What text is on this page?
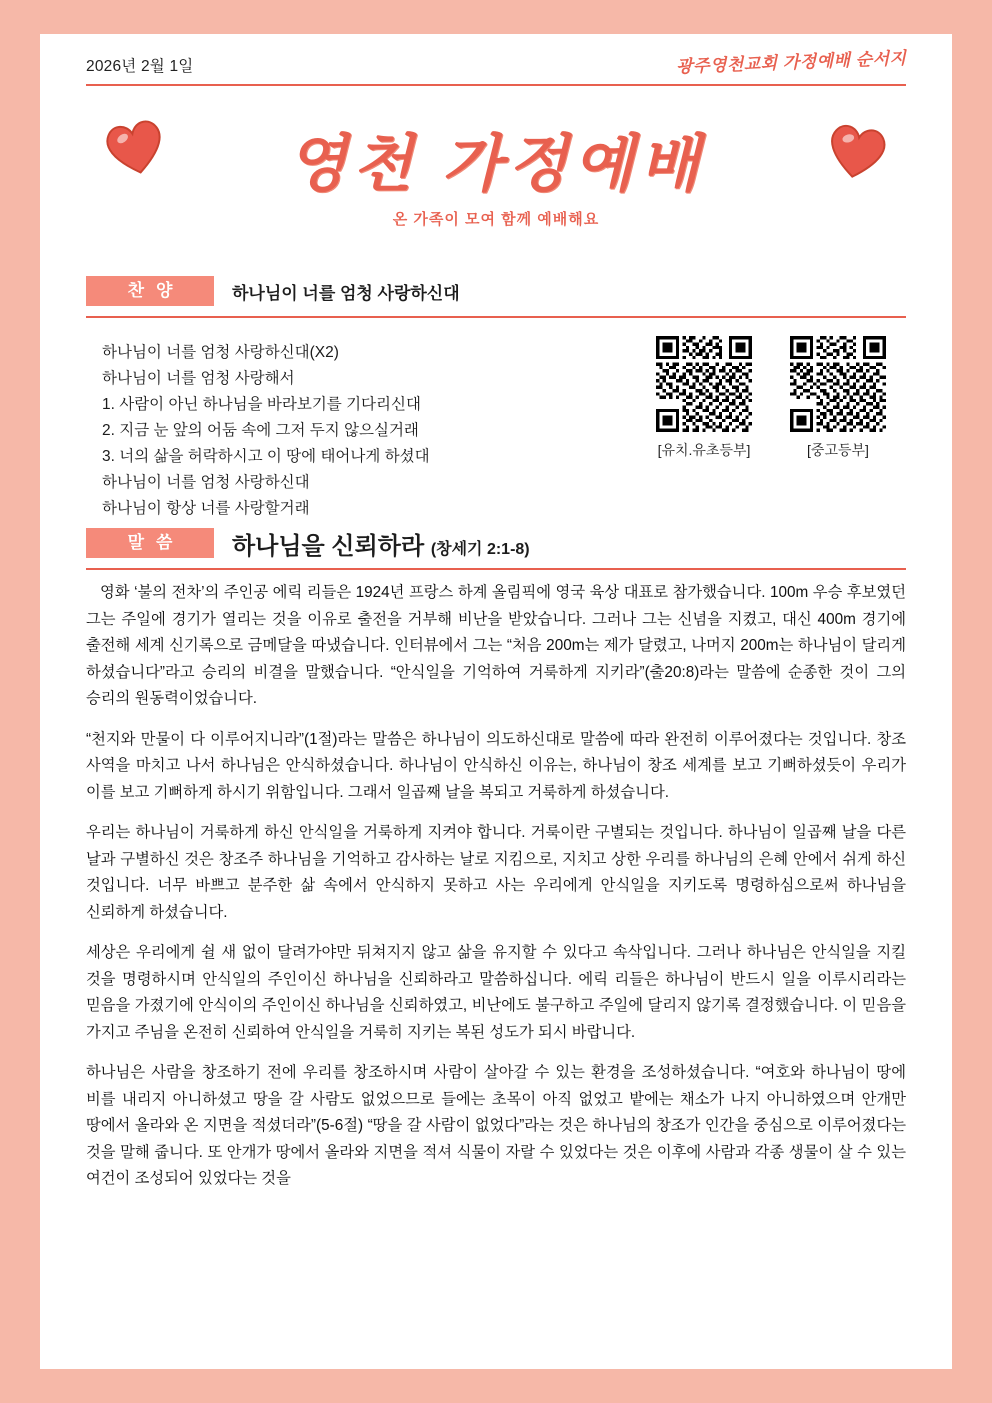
2026년 2월 1일	광주영천교회 가정예배 순서지
영천 가정예배
온 가족이 모여 함께 예배해요
찬양	하나님이 너를 엄청 사랑하신대
하나님이 너를 엄청 사랑하신대(X2)
하나님이 너를 엄청 사랑해서
1. 사람이 아닌 하나님을 바라보기를 기다리신대
2. 지금 눈 앞의 어둠 속에 그저 두지 않으실거래
3. 너의 삶을 허락하시고 이 땅에 태어나게 하셨대
하나님이 너를 엄청 사랑하신대
하나님이 항상 너를 사랑할거래
[유치.유초등부]	[중고등부]
말씀	하나님을 신뢰하라 (창세기 2:1-8)

영화 ‘불의 전차’의 주인공 에릭 리들은 1924년 프랑스 하계 올림픽에 영국 육상 대표로 참가했습니다. 100m 우승 후보였던 그는 주일에 경기가 열리는 것을 이유로 출전을 거부해 비난을 받았습니다. 그러나 그는 신념을 지켰고, 대신 400m 경기에 출전해 세계 신기록으로 금메달을 따냈습니다. 인터뷰에서 그는 “처음 200m는 제가 달렸고, 나머지 200m는 하나님이 달리게 하셨습니다”라고 승리의 비결을 말했습니다. “안식일을 기억하여 거룩하게 지키라”(출20:8)라는 말씀에 순종한 것이 그의 승리의 원동력이었습니다.

“천지와 만물이 다 이루어지니라”(1절)라는 말씀은 하나님이 의도하신대로 말씀에 따라 완전히 이루어졌다는 것입니다. 창조 사역을 마치고 나서 하나님은 안식하셨습니다. 하나님이 안식하신 이유는, 하나님이 창조 세계를 보고 기뻐하셨듯이 우리가 이를 보고 기뻐하게 하시기 위함입니다. 그래서 일곱째 날을 복되고 거룩하게 하셨습니다.

우리는 하나님이 거룩하게 하신 안식일을 거룩하게 지켜야 합니다. 거룩이란 구별되는 것입니다. 하나님이 일곱째 날을 다른 날과 구별하신 것은 창조주 하나님을 기억하고 감사하는 날로 지킴으로, 지치고 상한 우리를 하나님의 은혜 안에서 쉬게 하신 것입니다. 너무 바쁘고 분주한 삶 속에서 안식하지 못하고 사는 우리에게 안식일을 지키도록 명령하심으로써 하나님을 신뢰하게 하셨습니다.

세상은 우리에게 쉴 새 없이 달려가야만 뒤쳐지지 않고 삶을 유지할 수 있다고 속삭입니다. 그러나 하나님은 안식일을 지킬 것을 명령하시며 안식일의 주인이신 하나님을 신뢰하라고 말씀하십니다. 에릭 리들은 하나님이 반드시 일을 이루시리라는 믿음을 가졌기에 안식이의 주인이신 하나님을 신뢰하였고, 비난에도 불구하고 주일에 달리지 않기록 결정했습니다. 이 믿음을 가지고 주님을 온전히 신뢰하여 안식일을 거룩히 지키는 복된 성도가 되시 바랍니다.

하나님은 사람을 창조하기 전에 우리를 창조하시며 사람이 살아갈 수 있는 환경을 조성하셨습니다. “여호와 하나님이 땅에 비를 내리지 아니하셨고 땅을 갈 사람도 없었으므로 들에는 초목이 아직 없었고 밭에는 채소가 나지 아니하였으며 안개만 땅에서 올라와 온 지면을 적셨더라”(5-6절) “땅을 갈 사람이 없었다”라는 것은 하나님의 창조가 인간을 중심으로 이루어졌다는 것을 말해 줍니다. 또 안개가 땅에서 올라와 지면을 적셔 식물이 자랄 수 있었다는 것은 이후에 사람과 각종 생물이 살 수 있는 여건이 조성되어 있었다는 것을
